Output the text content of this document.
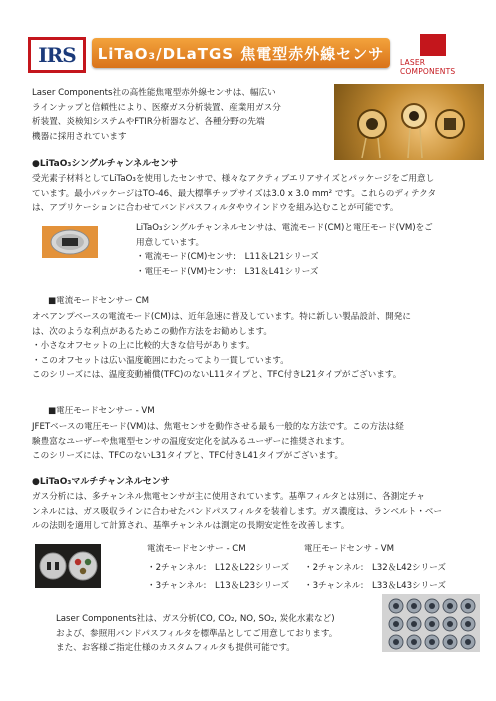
IRS	LiTaO₃/DLaTGS 焦電型赤外線センサ	LASER COMPONENTS
Laser Components社の高性能焦電型赤外線センサは、幅広い
ラインナップと信頼性により、医療ガス分析装置、産業用ガス分
析装置、炎検知システムやFTIR分析器など、各種分野の先端
機器に採用されています
●LiTaO₃シングルチャンネルセンサ
受光素子材料としてLiTaO₃を使用したセンサで、様々なアクティブエリアサイズとパッケージをご用意し
ています。最小パッケージはTO-46、最大標準チップサイズは3.0 x 3.0 mm² です。これらのディテクタ
は、アプリケーションに合わせてバンドパスフィルタやウインドウを組み込むことが可能です。
LiTaO₃シングルチャンネルセンサは、電流モード(CM)と電圧モード(VM)をご
用意しています。
・電流モード(CM)センサ:　L11＆L21シリーズ
・電圧モード(VM)センサ:　L31＆L41シリーズ
■電流モードセンサー CM
オペアンプベースの電流モード(CM)は、近年急速に普及しています。特に新しい製品設計、開発に
は、次のような利点があるためこの動作方法をお勧めします。
・小さなオフセットの上に比較的大きな信号があります。
・このオフセットは広い温度範囲にわたってより一貫しています。
このシリーズには、温度変動補償(TFC)のないL11タイプと、TFC付きL21タイプがございます。
■電圧モードセンサー - VM
JFETベースの電圧モード(VM)は、焦電センサを動作させる最も一般的な方法です。この方法は経
験豊富なユーザーや焦電型センサの温度安定化を試みるユーザーに推奨されます。
このシリーズには、TFCのないL31タイプと、TFC付きL41タイプがございます。
●LiTaO₃マルチチャンネルセンサ
ガス分析には、多チャンネル焦電センサが主に使用されています。基準フィルタとは別に、各測定チャ
ンネルには、ガス吸収ラインに合わせたバンドパスフィルタを装着します。ガス濃度は、ランベルト・ベー
ルの法則を適用して計算され、基準チャンネルは測定の長期安定性を改善します。
電流モードセンサー - CM
・2チャンネル:　L12＆L22シリーズ
・3チャンネル:　L13＆L23シリーズ
電圧モードセンサ - VM
・2チャンネル:　L32＆L42シリーズ
・3チャンネル:　L33＆L43シリーズ
Laser Components社は、ガス分析(CO, CO₂, NO, SO₂, 炭化水素など)
および、参照用バンドパスフィルタを標準品としてご用意しております。
また、お客様ご指定仕様のカスタムフィルタも提供可能です。
